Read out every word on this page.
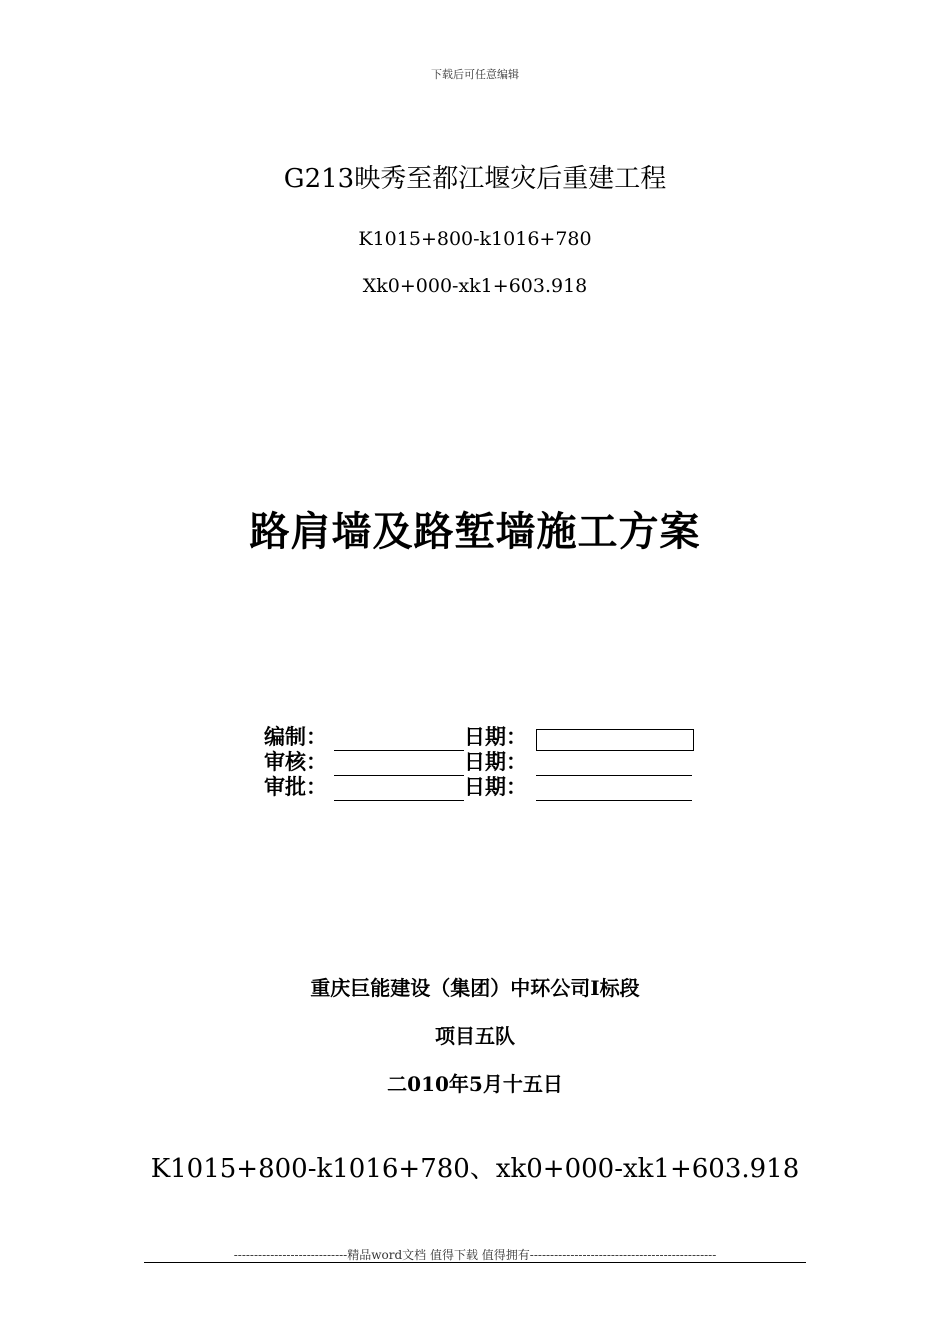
下载后可任意编辑
G213映秀至都江堰灾后重建工程
K1015+800-k1016+780
Xk0+000-xk1+603.918
路肩墙及路堑墙施工方案
编制：	日期：
审核：	日期：
审批：	日期：
重庆巨能建设（集团）中环公司Ⅰ标段
项目五队
二010年5月十五日
K1015+800-k1016+780、xk0+000-xk1+603.918
----------------------------精品word文档 值得下载 值得拥有----------------------------------------------
